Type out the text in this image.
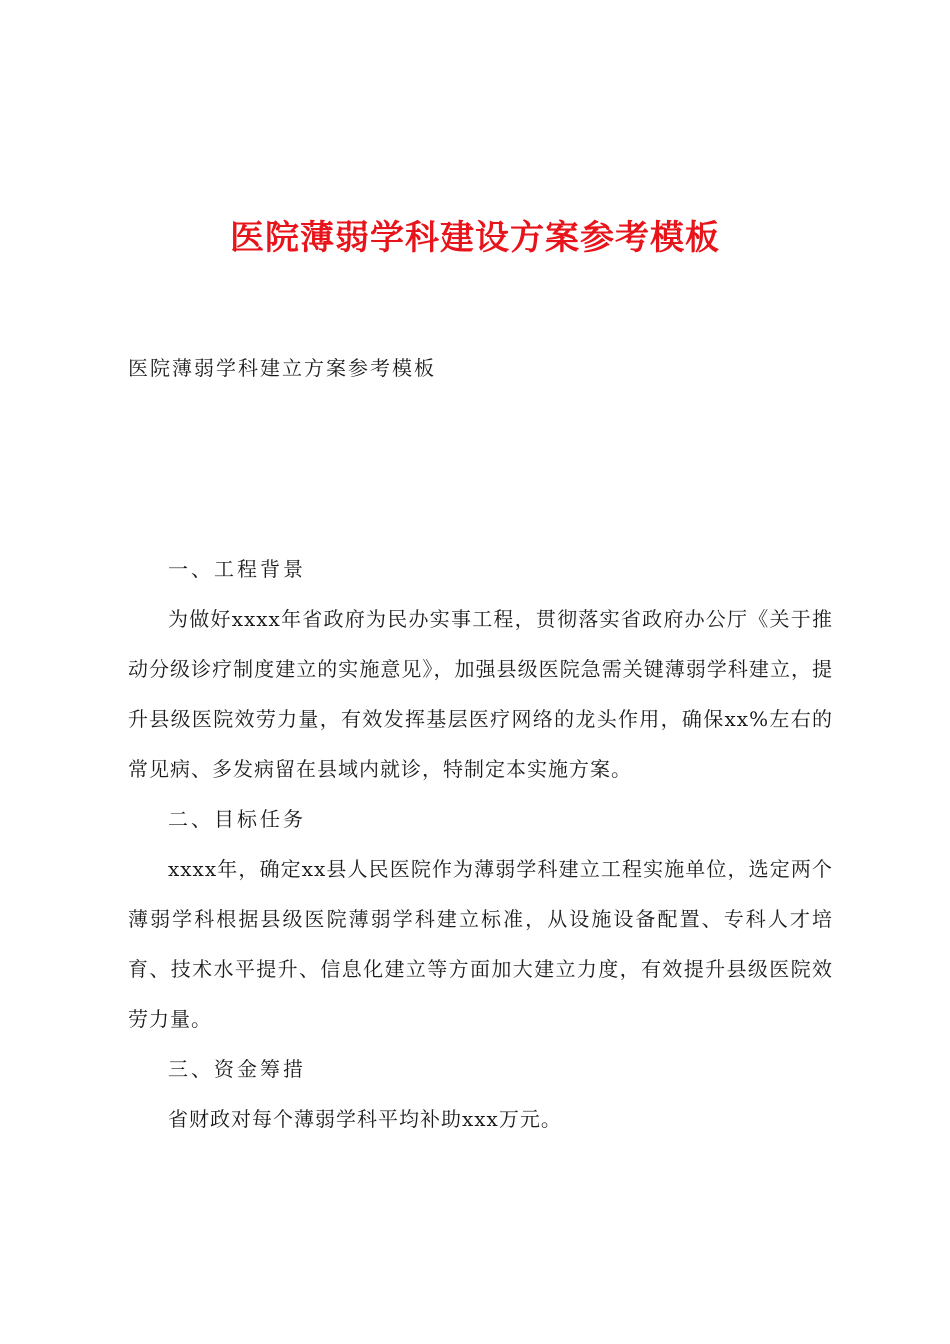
医院薄弱学科建设方案参考模板
医院薄弱学科建立方案参考模板

一、工程背景

为做好xxxx年省政府为民办实事工程，贯彻落实省政府办公厅《关于推动分级诊疗制度建立的实施意见》，加强县级医院急需关键薄弱学科建立，提升县级医院效劳力量，有效发挥基层医疗网络的龙头作用，确保xx%左右的常见病、多发病留在县域内就诊，特制定本实施方案。

二、目标任务

xxxx年，确定xx县人民医院作为薄弱学科建立工程实施单位，选定两个薄弱学科根据县级医院薄弱学科建立标准，从设施设备配置、专科人才培育、技术水平提升、信息化建立等方面加大建立力度，有效提升县级医院效劳力量。

三、资金筹措

省财政对每个薄弱学科平均补助xxx万元。
